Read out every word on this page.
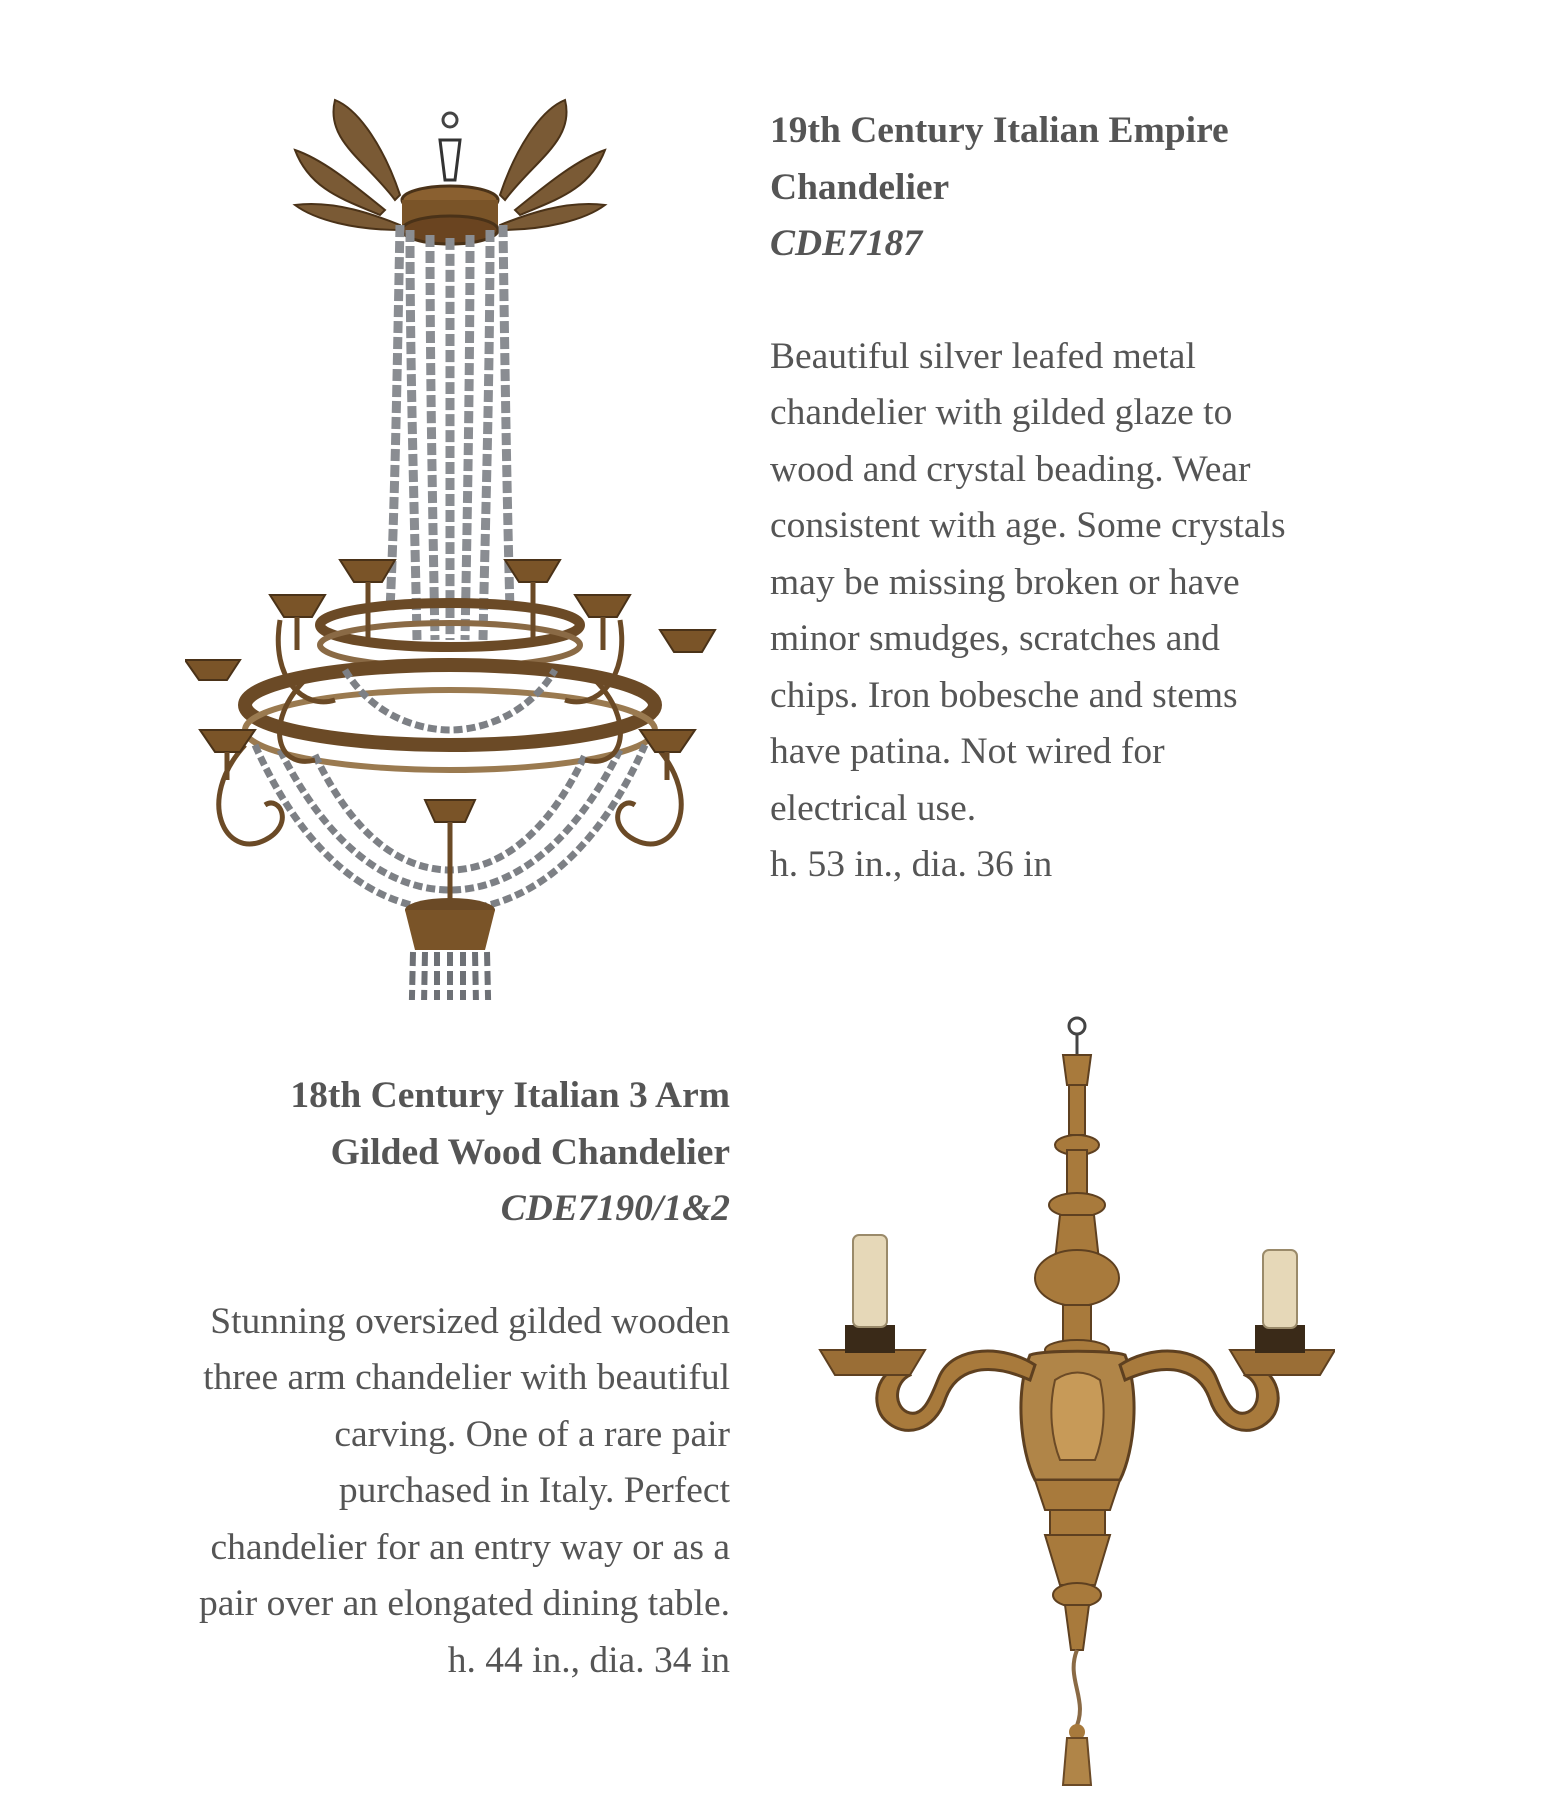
19th Century Italian Empire
Chandelier
CDE7187
Beautiful silver leafed metal
chandelier with gilded glaze to
wood and crystal beading. Wear
consistent with age. Some crystals
may be missing broken or have
minor smudges, scratches and
chips. Iron bobesche and stems
have patina. Not wired for
electrical use.
h. 53 in., dia. 36 in
18th Century Italian 3 Arm
Gilded Wood Chandelier
CDE7190/1&2
Stunning oversized gilded wooden
three arm chandelier with beautiful
carving. One of a rare pair
purchased in Italy. Perfect
chandelier for an entry way or as a
pair over an elongated dining table.
h. 44 in., dia. 34 in
